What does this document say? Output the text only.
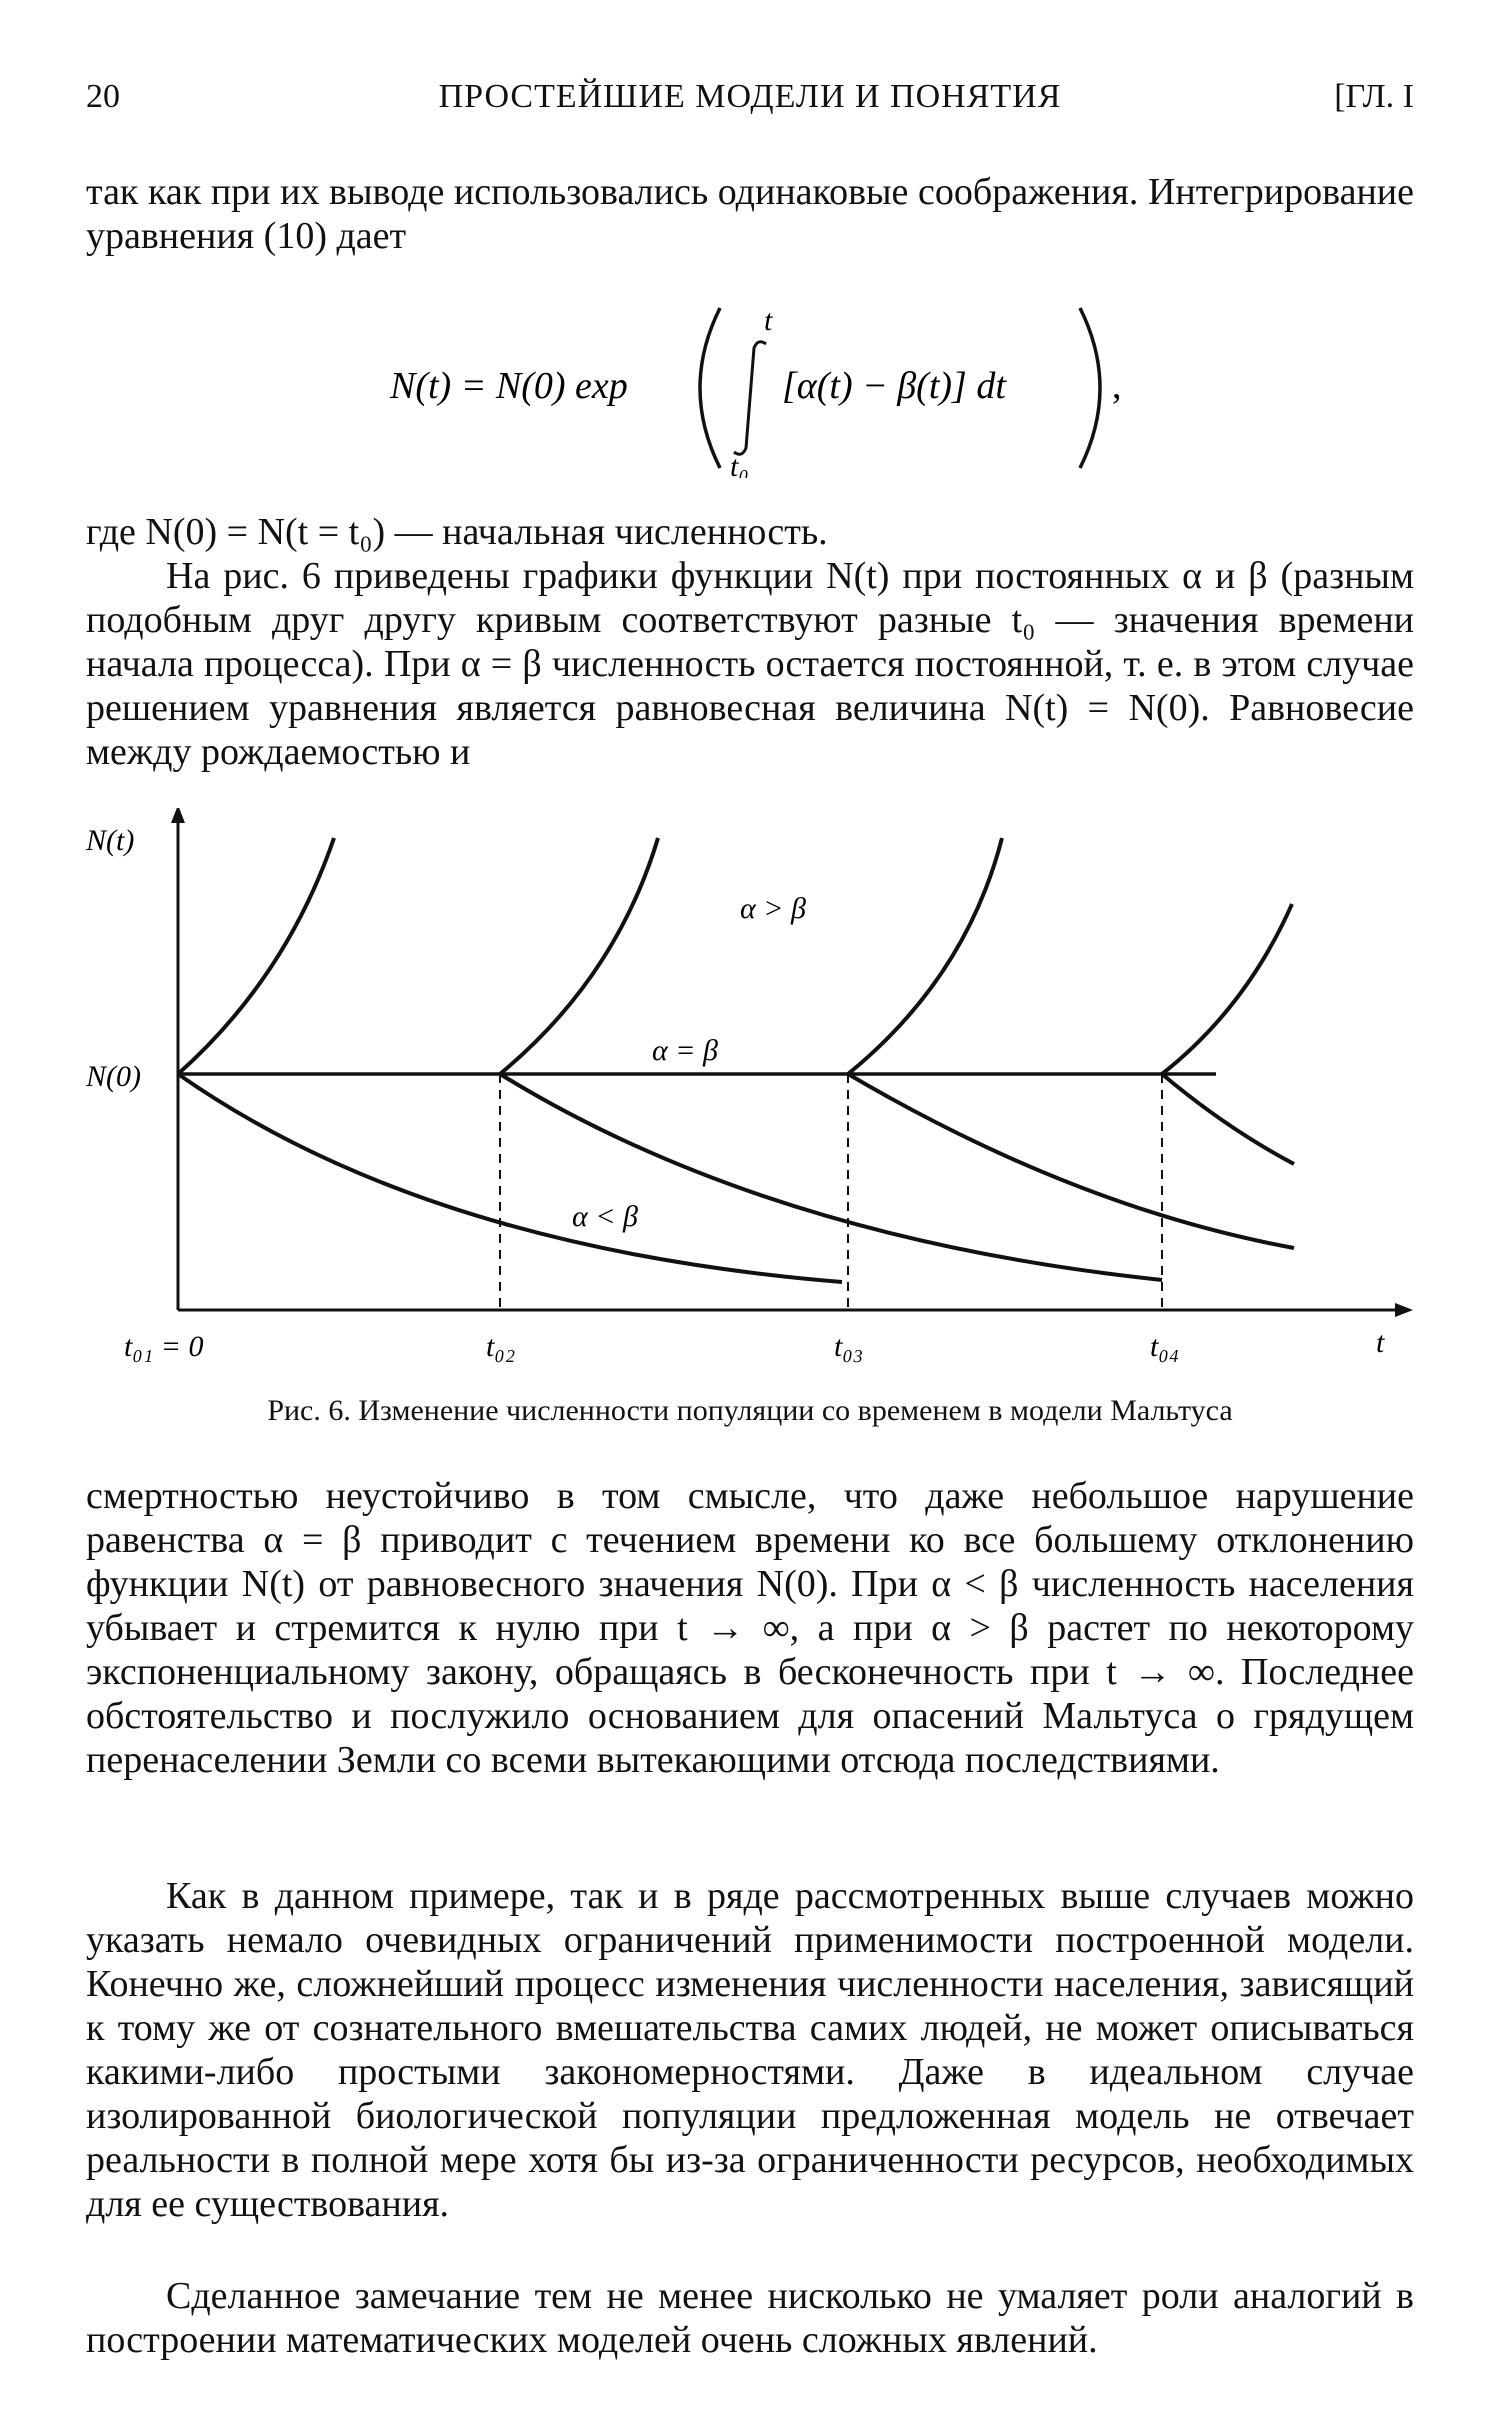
20	ПРОСТЕЙШИЕ МОДЕЛИ И ПОНЯТИЯ	[ГЛ. I

так как при их выводе использовались одинаковые соображения. Интегрирование уравнения (10) дает

N(t) = N(0) exp
t
t₀
[α(t) − β(t)] dt	,

где N(0) = N(t = t₀) — начальная численность.

На рис. 6 приведены графики функции N(t) при постоянных α и β (разным подобным друг другу кривым соответствуют разные t₀ — значения времени начала процесса). При α = β численность остается постоянной, т. е. в этом случае решением уравнения является равновесная величина N(t) = N(0). Равновесие между рождаемостью и

N(t)
N(0)
t
t₀₁ = 0	t₀₂	t₀₃	t₀₄
α > β
α = β
α < β
Рис. 6. Изменение численности популяции со временем в модели Мальтуса

смертностью неустойчиво в том смысле, что даже небольшое нарушение равенства α = β приводит с течением времени ко все большему отклонению функции N(t) от равновесного значения N(0). При α < β численность населения убывает и стремится к нулю при t → ∞, а при α > β растет по некоторому экспоненциальному закону, обращаясь в бесконечность при t → ∞. Последнее обстоятельство и послужило основанием для опасений Мальтуса о грядущем перенаселении Земли со всеми вытекающими отсюда последствиями.

Как в данном примере, так и в ряде рассмотренных выше случаев можно указать немало очевидных ограничений применимости построенной модели. Конечно же, сложнейший процесс изменения численности населения, зависящий к тому же от сознательного вмешательства самих людей, не может описываться какими-либо простыми закономерностями. Даже в идеальном случае изолированной биологической популяции предложенная модель не отвечает реальности в полной мере хотя бы из-за ограниченности ресурсов, необходимых для ее существования.

Сделанное замечание тем не менее нисколько не умаляет роли аналогий в построении математических моделей очень сложных явлений.
